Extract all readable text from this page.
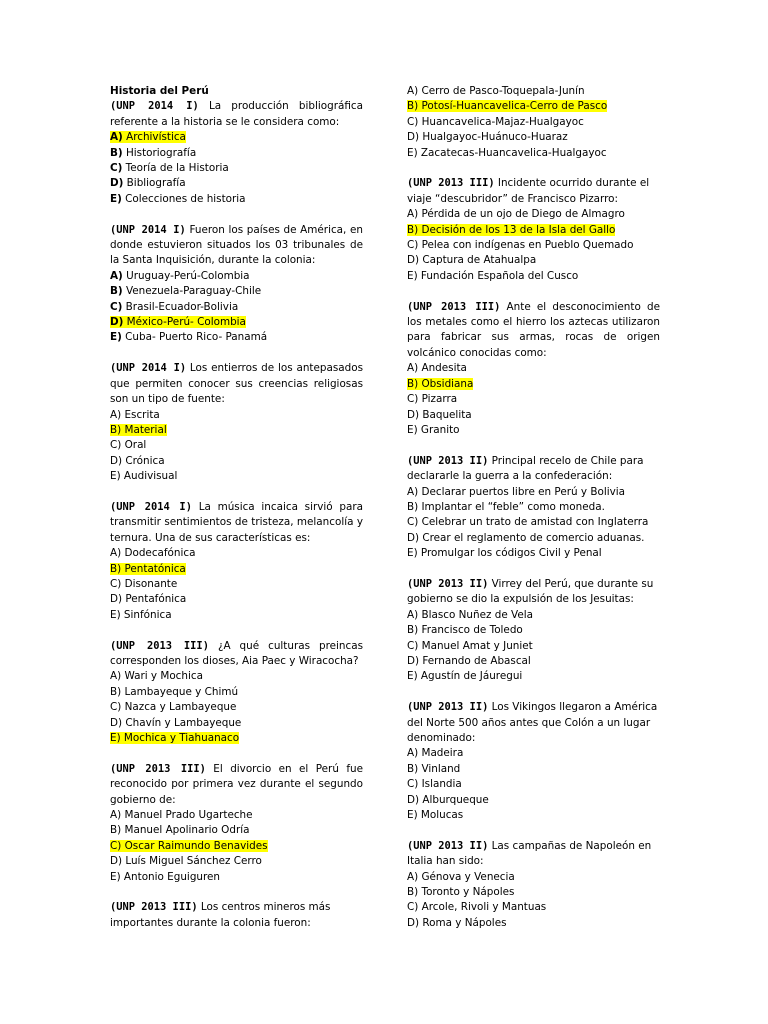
Historia del Perú
(UNP 2014 I) La producción bibliográfica referente a la historia se le considera como:
A) Archivística
B) Historiografía
C) Teoría de la Historia
D) Bibliografía
E) Colecciones de historia
(UNP 2014 I) Fueron los países de América, en donde estuvieron situados los 03 tribunales de la Santa Inquisición, durante la colonia:
A) Uruguay-Perú-Colombia
B) Venezuela-Paraguay-Chile
C) Brasil-Ecuador-Bolivia
D) México-Perú- Colombia
E) Cuba- Puerto Rico- Panamá
(UNP 2014 I) Los entierros de los antepasados que permiten conocer sus creencias religiosas son un tipo de fuente:
A) Escrita
B) Material
C) Oral
D) Crónica
E) Audivisual
(UNP 2014 I) La música incaica sirvió para transmitir sentimientos de tristeza, melancolía y ternura. Una de sus características es:
A) Dodecafónica
B) Pentatónica
C) Disonante
D) Pentafónica
E) Sinfónica
(UNP 2013 III) ¿A qué culturas preincas corresponden los dioses, Aia Paec y Wiracocha?
A) Wari y Mochica
B) Lambayeque y Chimú
C) Nazca y Lambayeque
D) Chavín y Lambayeque
E) Mochica y Tiahuanaco
(UNP 2013 III) El divorcio en el Perú fue reconocido por primera vez durante el segundo gobierno de:
A) Manuel Prado Ugarteche
B) Manuel Apolinario Odría
C) Oscar Raimundo Benavides
D) Luís Miguel Sánchez Cerro
E) Antonio Eguiguren
(UNP 2013 III) Los centros mineros más importantes durante la colonia fueron:
A) Cerro de Pasco-Toquepala-Junín
B) Potosí-Huancavelica-Cerro de Pasco
C) Huancavelica-Majaz-Hualgayoc
D) Hualgayoc-Huánuco-Huaraz
E) Zacatecas-Huancavelica-Hualgayoc
(UNP 2013 III) Incidente ocurrido durante el viaje “descubridor” de Francisco Pizarro:
A) Pérdida de un ojo de Diego de Almagro
B) Decisión de los 13 de la Isla del Gallo
C) Pelea con indígenas en Pueblo Quemado
D) Captura de Atahualpa
E) Fundación Española del Cusco
(UNP 2013 III) Ante el desconocimiento de los metales como el hierro los aztecas utilizaron para fabricar sus armas, rocas de origen volcánico conocidas como:
A) Andesita
B) Obsidiana
C) Pizarra
D) Baquelita
E) Granito
(UNP 2013 II) Principal recelo de Chile para declararle la guerra a la confederación:
A) Declarar puertos libre en Perú y Bolivia
B) Implantar el “feble” como moneda.
C) Celebrar un trato de amistad con Inglaterra
D) Crear el reglamento de comercio aduanas.
E) Promulgar los códigos Civil y Penal
(UNP 2013 II) Virrey del Perú, que durante su gobierno se dio la expulsión de los Jesuitas:
A) Blasco Nuñez de Vela
B) Francisco de Toledo
C) Manuel Amat y Juniet
D) Fernando de Abascal
E) Agustín de Jáuregui
(UNP 2013 II) Los Vikingos llegaron a América del Norte 500 años antes que Colón a un lugar denominado:
A) Madeira
B) Vinland
C) Islandia
D) Alburqueque
E) Molucas
(UNP 2013 II) Las campañas de Napoleón en Italia han sido:
A) Génova y Venecia
B) Toronto y Nápoles
C) Arcole, Rivoli y Mantuas
D) Roma y Nápoles
